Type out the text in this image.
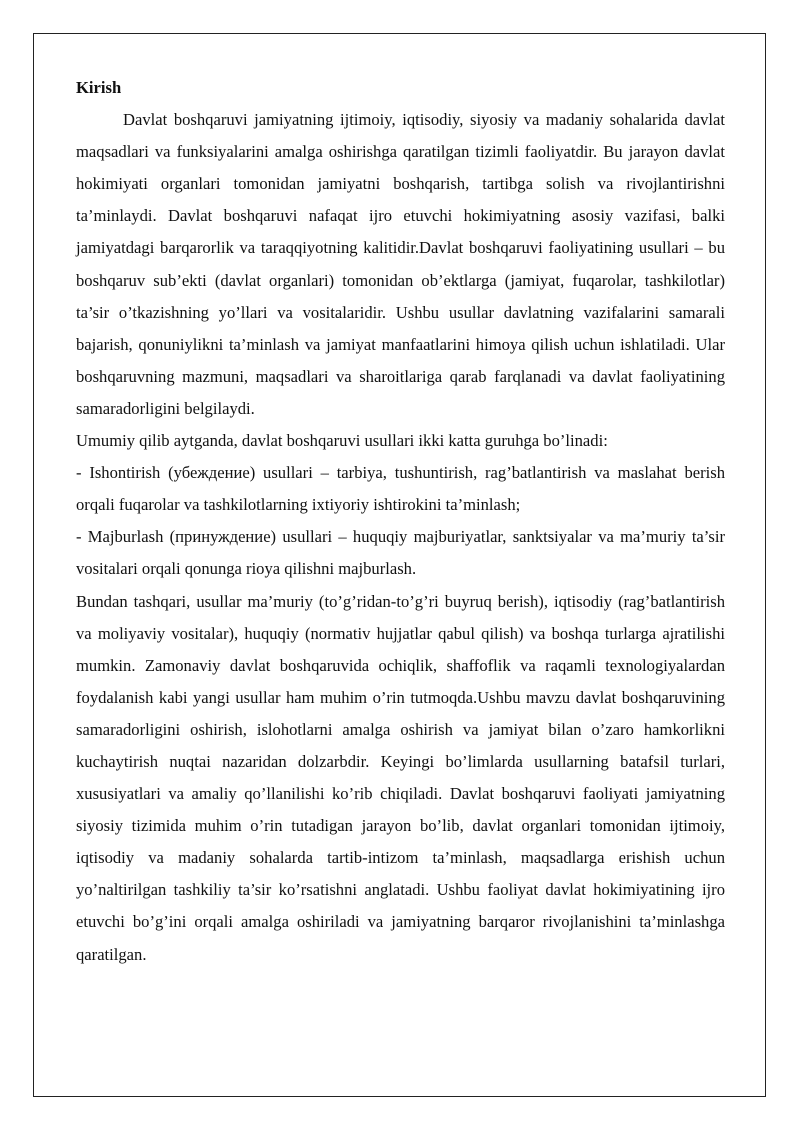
Kirish

Davlat boshqaruvi jamiyatning ijtimoiy, iqtisodiy, siyosiy va madaniy sohalarida davlat maqsadlari va funksiyalarini amalga oshirishga qaratilgan tizimli faoliyatdir. Bu jarayon davlat hokimiyati organlari tomonidan jamiyatni boshqarish, tartibga solish va rivojlantirishni ta’minlaydi. Davlat boshqaruvi nafaqat ijro etuvchi hokimiyatning asosiy vazifasi, balki jamiyatdagi barqarorlik va taraqqiyotning kalitidir.Davlat boshqaruvi faoliyatining usullari – bu boshqaruv sub’ekti (davlat organlari) tomonidan ob’ektlarga (jamiyat, fuqarolar, tashkilotlar) ta’sir o’tkazishning yo’llari va vositalaridir. Ushbu usullar davlatning vazifalarini samarali bajarish, qonuniylikni ta’minlash va jamiyat manfaatlarini himoya qilish uchun ishlatiladi. Ular boshqaruvning mazmuni, maqsadlari va sharoitlariga qarab farqlanadi va davlat faoliyatining samaradorligini belgilaydi.

Umumiy qilib aytganda, davlat boshqaruvi usullari ikki katta guruhga bo’linadi:

- Ishontirish (убеждение) usullari – tarbiya, tushuntirish, rag’batlantirish va maslahat berish orqali fuqarolar va tashkilotlarning ixtiyoriy ishtirokini ta’minlash;

- Majburlash (принуждение) usullari – huquqiy majburiyatlar, sanktsiyalar va ma’muriy ta’sir vositalari orqali qonunga rioya qilishni majburlash.

Bundan tashqari, usullar ma’muriy (to’g’ridan-to’g’ri buyruq berish), iqtisodiy (rag’batlantirish va moliyaviy vositalar), huquqiy (normativ hujjatlar qabul qilish) va boshqa turlarga ajratilishi mumkin. Zamonaviy davlat boshqaruvida ochiqlik, shaffoflik va raqamli texnologiyalardan foydalanish kabi yangi usullar ham muhim o’rin tutmoqda.Ushbu mavzu davlat boshqaruvining samaradorligini oshirish, islohotlarni amalga oshirish va jamiyat bilan o’zaro hamkorlikni kuchaytirish nuqtai nazaridan dolzarbdir. Keyingi bo’limlarda usullarning batafsil turlari, xususiyatlari va amaliy qo’llanilishi ko’rib chiqiladi. Davlat boshqaruvi faoliyati jamiyatning siyosiy tizimida muhim o’rin tutadigan jarayon bo’lib, davlat organlari tomonidan ijtimoiy, iqtisodiy va madaniy sohalarda tartib-intizom ta’minlash, maqsadlarga erishish uchun yo’naltirilgan tashkiliy ta’sir ko’rsatishni anglatadi. Ushbu faoliyat davlat hokimiyatining ijro etuvchi bo’g’ini orqali amalga oshiriladi va jamiyatning barqaror rivojlanishini ta’minlashga qaratilgan.
